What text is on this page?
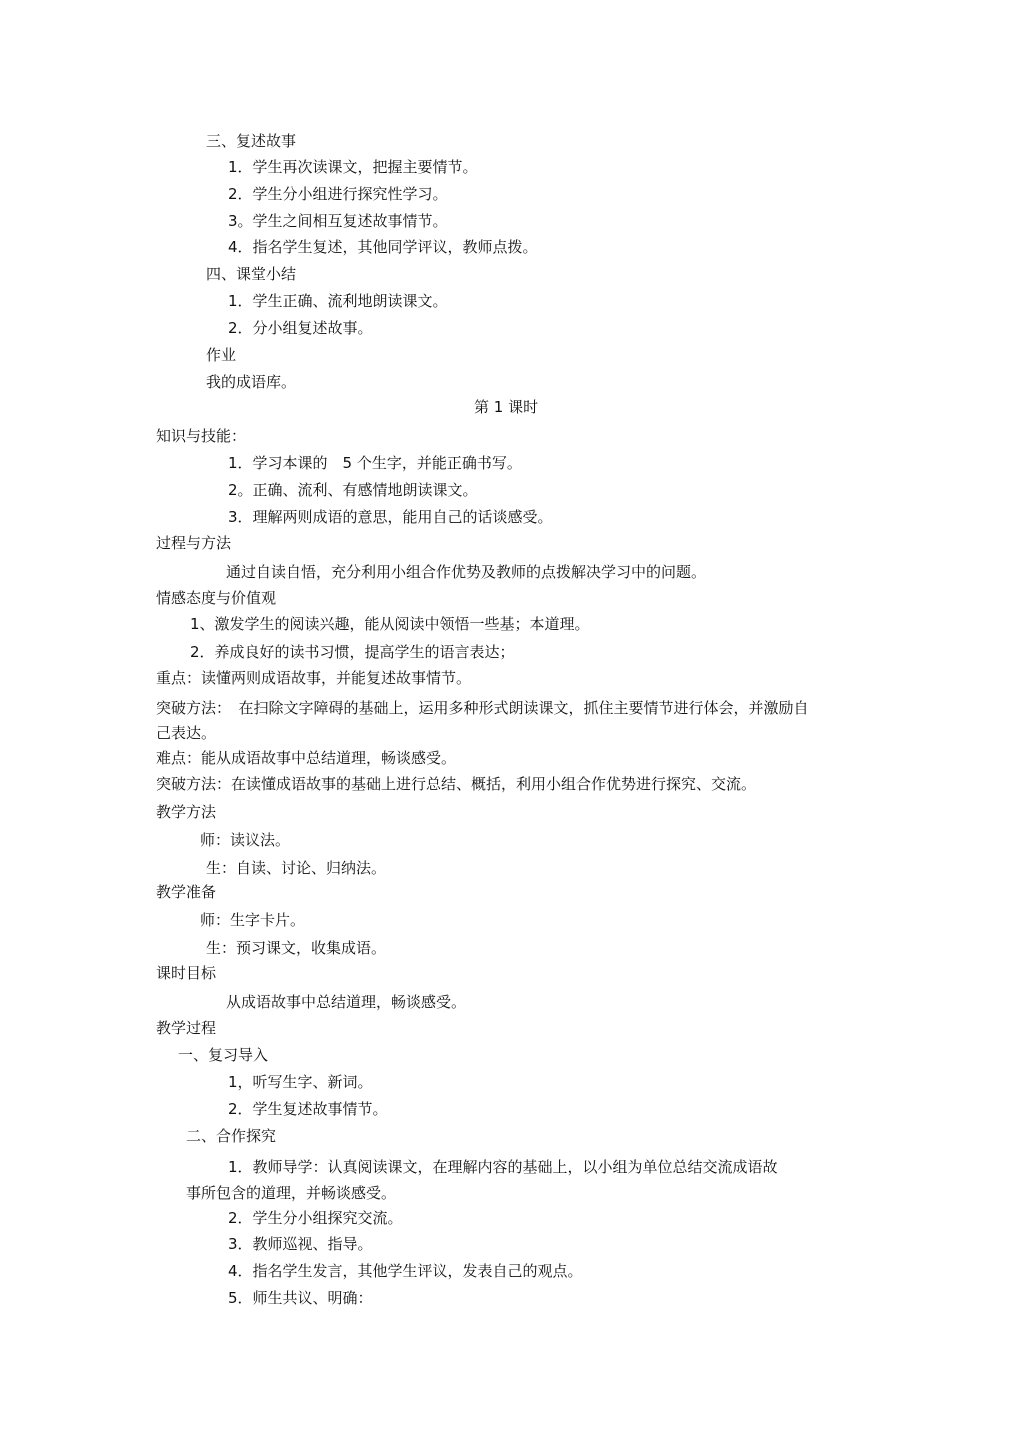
三、复述故事
1．学生再次读课文，把握主要情节。
2．学生分小组进行探究性学习。
3。学生之间相互复述故事情节。
4．指名学生复述，其他同学评议，教师点拨。
四、课堂小结
1．学生正确、流利地朗读课文。
2．分小组复述故事。
作业
我的成语库。
第 1 课时
知识与技能：
1．学习本课的　5 个生字，并能正确书写。
2。正确、流利、有感情地朗读课文。
3．理解两则成语的意思，能用自己的话谈感受。
过程与方法
通过自读自悟，充分利用小组合作优势及教师的点拨解决学习中的问题。
情感态度与价值观
1、激发学生的阅读兴趣，能从阅读中领悟一些基；本道理。
2．养成良好的读书习惯，提高学生的语言表达；
重点：读懂两则成语故事，并能复述故事情节。
突破方法：　在扫除文字障碍的基础上，运用多种形式朗读课文，抓住主要情节进行体会，并激励自己表达。
难点：能从成语故事中总结道理，畅谈感受。
突破方法：在读懂成语故事的基础上进行总结、概括，利用小组合作优势进行探究、交流。
教学方法
师：读议法。
生：自读、讨论、归纳法。
教学准备
师：生字卡片。
生：预习课文，收集成语。
课时目标
从成语故事中总结道理，畅谈感受。
教学过程
一、复习导入
1，听写生字、新词。
2．学生复述故事情节。
二、合作探究
1．教师导学：认真阅读课文，在理解内容的基础上，以小组为单位总结交流成语故事所包含的道理，并畅谈感受。
2．学生分小组探究交流。
3．教师巡视、指导。
4．指名学生发言，其他学生评议，发表自己的观点。
5．师生共议、明确：
